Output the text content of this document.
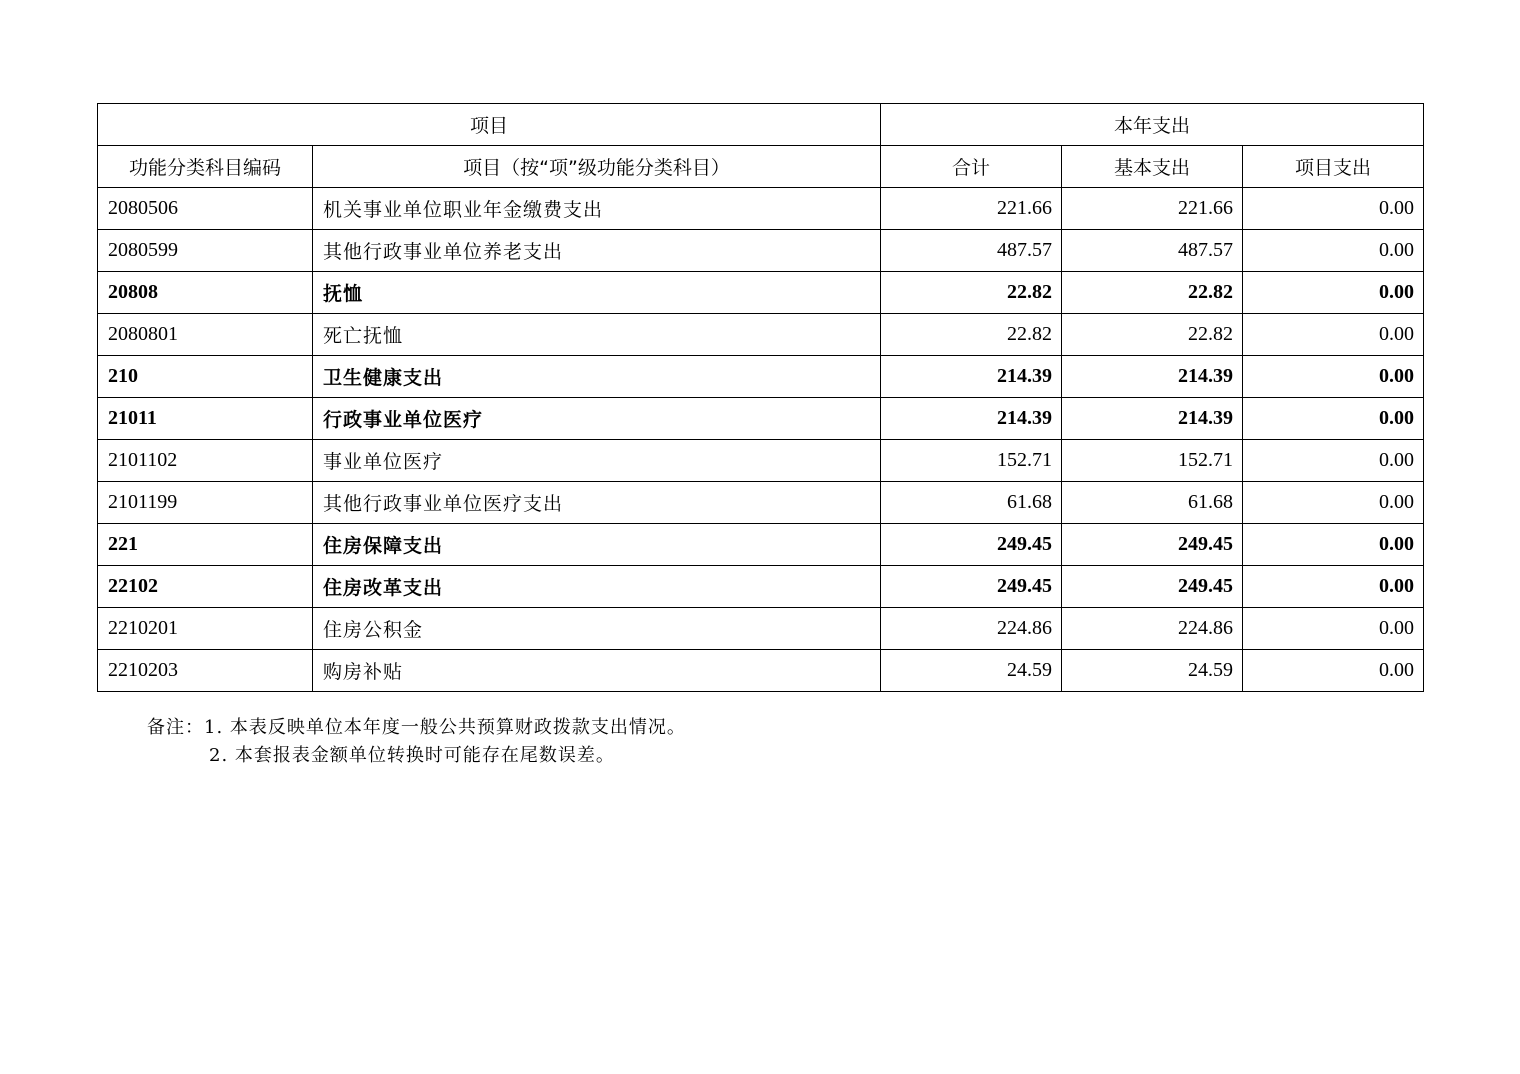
项目		本年支出		
功能分类科目编码	项目（按“项”级功能分类科目）	合计	基本支出	项目支出
2080506	机关事业单位职业年金缴费支出	221.66	221.66	0.00
2080599	其他行政事业单位养老支出	487.57	487.57	0.00
20808	抚恤	22.82	22.82	0.00
2080801	死亡抚恤	22.82	22.82	0.00
210	卫生健康支出	214.39	214.39	0.00
21011	行政事业单位医疗	214.39	214.39	0.00
2101102	事业单位医疗	152.71	152.71	0.00
2101199	其他行政事业单位医疗支出	61.68	61.68	0.00
221	住房保障支出	249.45	249.45	0.00
22102	住房改革支出	249.45	249.45	0.00
2210201	住房公积金	224.86	224.86	0.00
2210203	购房补贴	24.59	24.59	0.00
备注：1. 本表反映单位本年度一般公共预算财政拨款支出情况。
2. 本套报表金额单位转换时可能存在尾数误差。
